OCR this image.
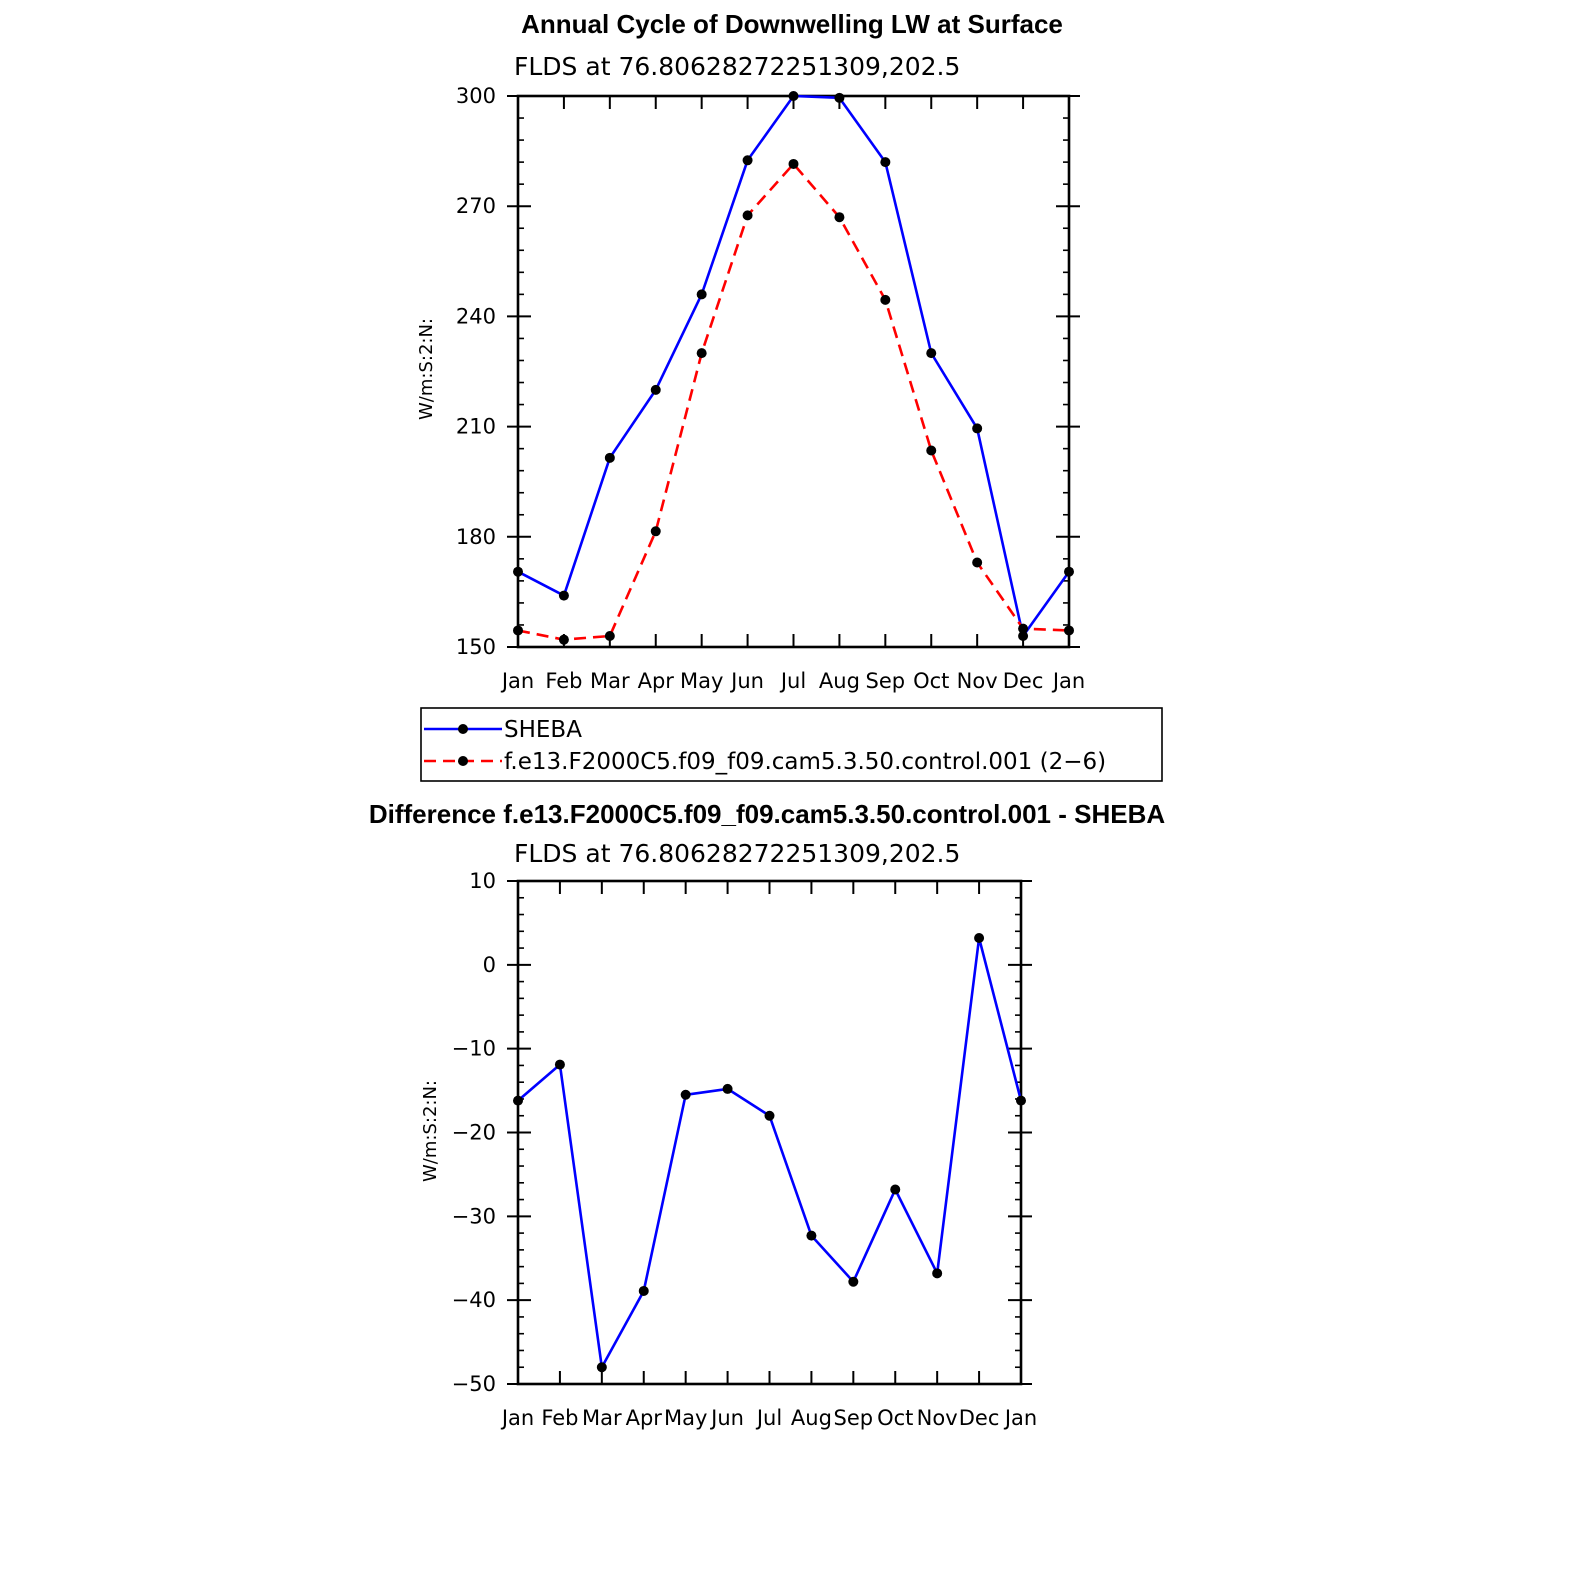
Annual Cycle of Downwelling LW at Surface
FLDS at 76.80628272251309,202.5
Jan Feb Mar Apr May Jun Jul Aug Sep Oct Nov Dec Jan
150
180
210
240
270
300
W/m:S:2:N:
SHEBA
f.e13.F2000C5.f09_f09.cam5.3.50.control.001 (2−6)
Difference f.e13.F2000C5.f09_f09.cam5.3.50.control.001 - SHEBA
FLDS at 76.80628272251309,202.5
Jan Feb Mar Apr May Jun Jul Aug Sep Oct Nov Dec Jan
−50
−40
−30
−20
−10
0
10
W/m:S:2:N:
